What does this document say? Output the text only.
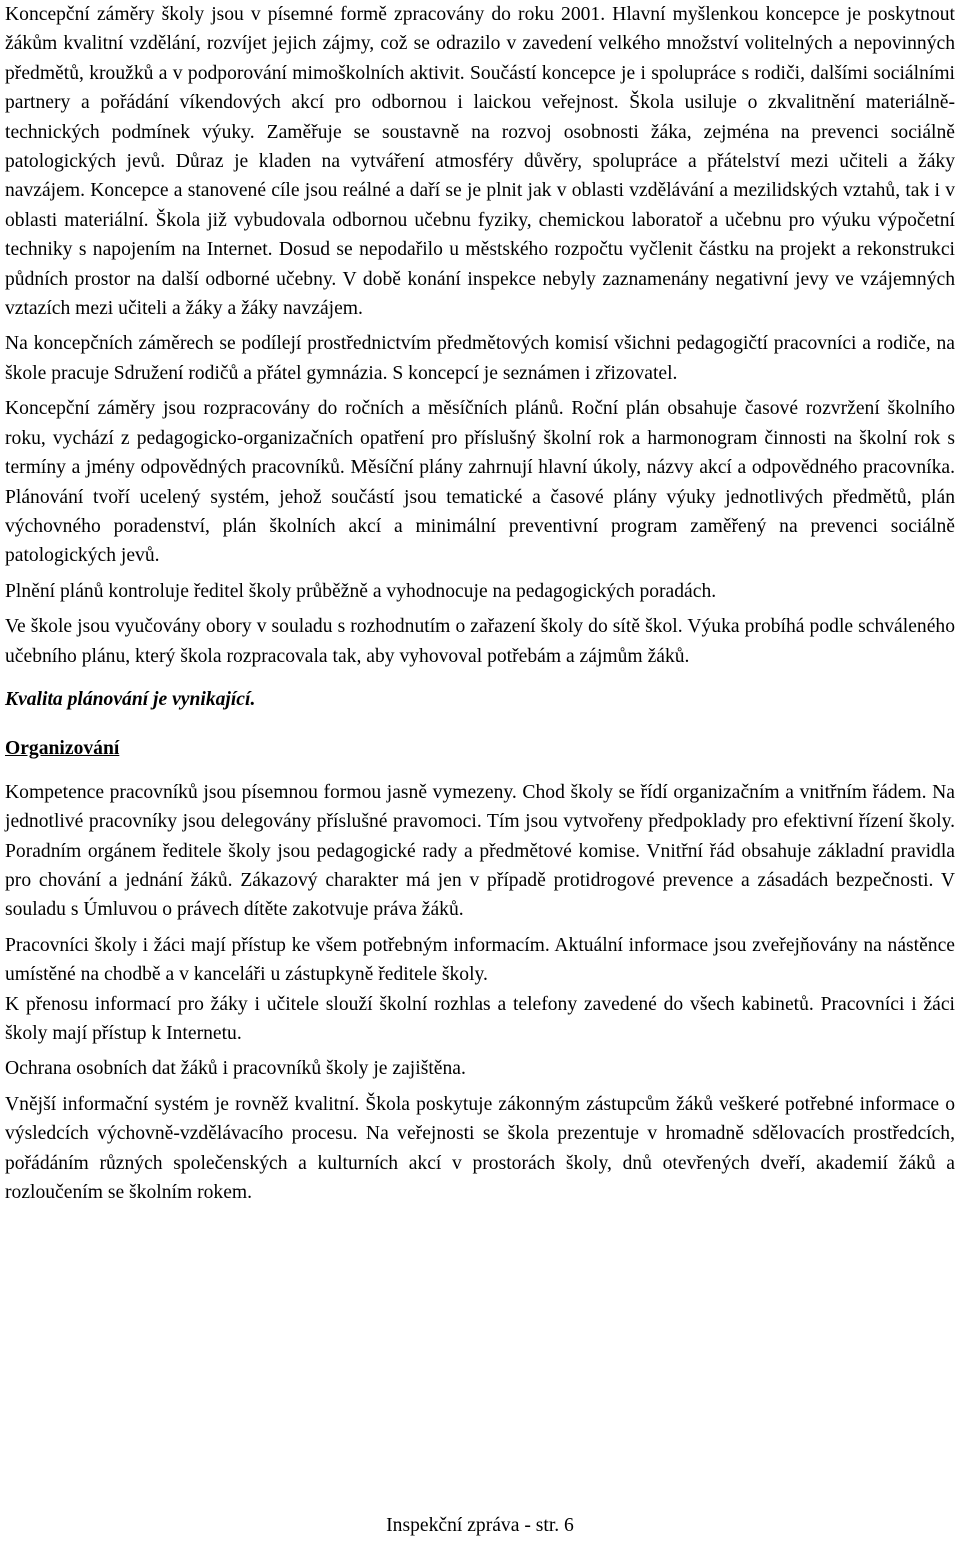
Koncepční záměry školy jsou v písemné formě zpracovány do roku 2001. Hlavní myšlenkou koncepce je poskytnout žákům kvalitní vzdělání, rozvíjet jejich zájmy, což se odrazilo v zavedení velkého množství volitelných a nepovinných předmětů, kroužků a v podporování mimoškolních aktivit. Součástí koncepce je i spolupráce s rodiči, dalšími sociálními partnery a pořádání víkendových akcí pro odbornou i laickou veřejnost. Škola usiluje o zkvalitnění materiálně-technických podmínek výuky. Zaměřuje se soustavně na rozvoj osobnosti žáka, zejména na prevenci sociálně patologických jevů. Důraz je kladen na vytváření atmosféry důvěry, spolupráce a přátelství mezi učiteli a žáky navzájem. Koncepce a stanovené cíle jsou reálné a daří se je plnit jak v oblasti vzdělávání a mezilidských vztahů, tak i v oblasti materiální. Škola již vybudovala odbornou učebnu fyziky, chemickou laboratoř a učebnu pro výuku výpočetní techniky s napojením na Internet. Dosud se nepodařilo u městského rozpočtu vyčlenit částku na projekt a rekonstrukci půdních prostor na další odborné učebny. V době konání inspekce nebyly zaznamenány negativní jevy ve vzájemných vztazích mezi učiteli a žáky a žáky navzájem.

Na koncepčních záměrech se podílejí prostřednictvím předmětových komisí všichni pedagogičtí pracovníci a rodiče, na škole pracuje Sdružení rodičů a přátel gymnázia. S koncepcí je seznámen i zřizovatel.

Koncepční záměry jsou rozpracovány do ročních a měsíčních plánů. Roční plán obsahuje časové rozvržení školního roku, vychází z pedagogicko-organizačních opatření pro příslušný školní rok a harmonogram činnosti na školní rok s termíny a jmény odpovědných pracovníků. Měsíční plány zahrnují hlavní úkoly, názvy akcí a odpovědného pracovníka. Plánování tvoří ucelený systém, jehož součástí jsou tematické a časové plány výuky jednotlivých předmětů, plán výchovného poradenství, plán školních akcí a minimální preventivní program zaměřený na prevenci sociálně patologických jevů.

Plnění plánů kontroluje ředitel školy průběžně a vyhodnocuje na pedagogických poradách.

Ve škole jsou vyučovány obory v souladu s rozhodnutím o zařazení školy do sítě škol. Výuka probíhá podle schváleného učebního plánu, který škola rozpracovala tak, aby vyhovoval potřebám a zájmům žáků.

Kvalita plánování je vynikající.

Organizování

Kompetence pracovníků jsou písemnou formou jasně vymezeny. Chod školy se řídí organizačním a vnitřním řádem. Na jednotlivé pracovníky jsou delegovány příslušné pravomoci. Tím jsou vytvořeny předpoklady pro efektivní řízení školy. Poradním orgánem ředitele školy jsou pedagogické rady a předmětové komise. Vnitřní řád obsahuje základní pravidla pro chování a jednání žáků. Zákazový charakter má jen v případě protidrogové prevence a zásadách bezpečnosti. V souladu s Úmluvou o právech dítěte zakotvuje práva žáků.

Pracovníci školy i žáci mají přístup ke všem potřebným informacím. Aktuální informace jsou zveřejňovány na nástěnce umístěné na chodbě a v kanceláři u zástupkyně ředitele školy.

K přenosu informací pro žáky i učitele slouží školní rozhlas a telefony zavedené do všech kabinetů. Pracovníci i žáci školy mají přístup k Internetu.

Ochrana osobních dat žáků i pracovníků školy je zajištěna.

Vnější informační systém je rovněž kvalitní. Škola poskytuje zákonným zástupcům žáků veškeré potřebné informace o výsledcích výchovně-vzdělávacího procesu. Na veřejnosti se škola prezentuje v hromadně sdělovacích prostředcích, pořádáním různých společenských a kulturních akcí v prostorách školy, dnů otevřených dveří, akademií žáků a rozloučením se školním rokem.

Inspekční zpráva - str. 6
